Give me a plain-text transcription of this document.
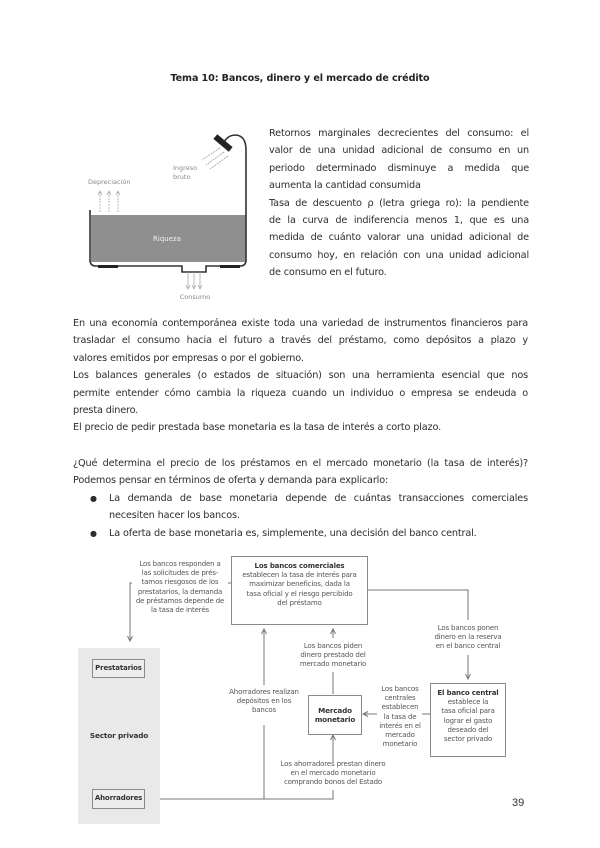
Tema 10: Bancos, dinero y el mercado de crédito
Depreciación
Ingreso
bruto
Riqueza
Consumo
Retornos marginales decrecientes del consumo: el
valor de una unidad adicional de consumo en un
periodo determinado disminuye a medida que
aumenta la cantidad consumida
Tasa de descuento ρ (letra griega ro): la pendiente
de la curva de indiferencia menos 1, que es una
medida de cuánto valorar una unidad adicional de
consumo hoy, en relación con una unidad adicional
de consumo en el futuro.
En una economía contemporánea existe toda una variedad de instrumentos financieros para
trasladar el consumo hacia el futuro a través del préstamo, como depósitos a plazo y
valores emitidos por empresas o por el gobierno.
Los balances generales (o estados de situación) son una herramienta esencial que nos
permite entender cómo cambia la riqueza cuando un individuo o empresa se endeuda o
presta dinero.
El precio de pedir prestada base monetaria es la tasa de interés a corto plazo.
¿Qué determina el precio de los préstamos en el mercado monetario (la tasa de interés)?
Podemos pensar en términos de oferta y demanda para explicarlo:
● La demanda de base monetaria depende de cuántas transacciones comerciales
necesiten hacer los bancos.
● La oferta de base monetaria es, simplemente, una decisión del banco central.
Prestatarios
Sector privado
Ahorradores
Los bancos comerciales
establecen la tasa de interés para
maximizar beneficios, dada la
tasa oficial y el riesgo percibido
del préstamo
Los bancos responden a
las solicitudes de prés-
tamos riesgosos de los
prestatarios, la demanda
de préstamos depende de
la tasa de interés
Los bancos ponen
dinero en la reserva
en el banco central
Los bancos piden
dinero prestado del
mercado monetario
Ahorradores realizan
depósitos en los
bancos	Mercado
monetario
Los bancos
centrales
establecen
la tasa de
interés en el
mercado
monetario
El banco central
establece la
tasa oficial para
lograr el gasto
deseado del
sector privado
Los ahorradores prestan dinero
en el mercado monetario
comprando bonos del Estado
39
